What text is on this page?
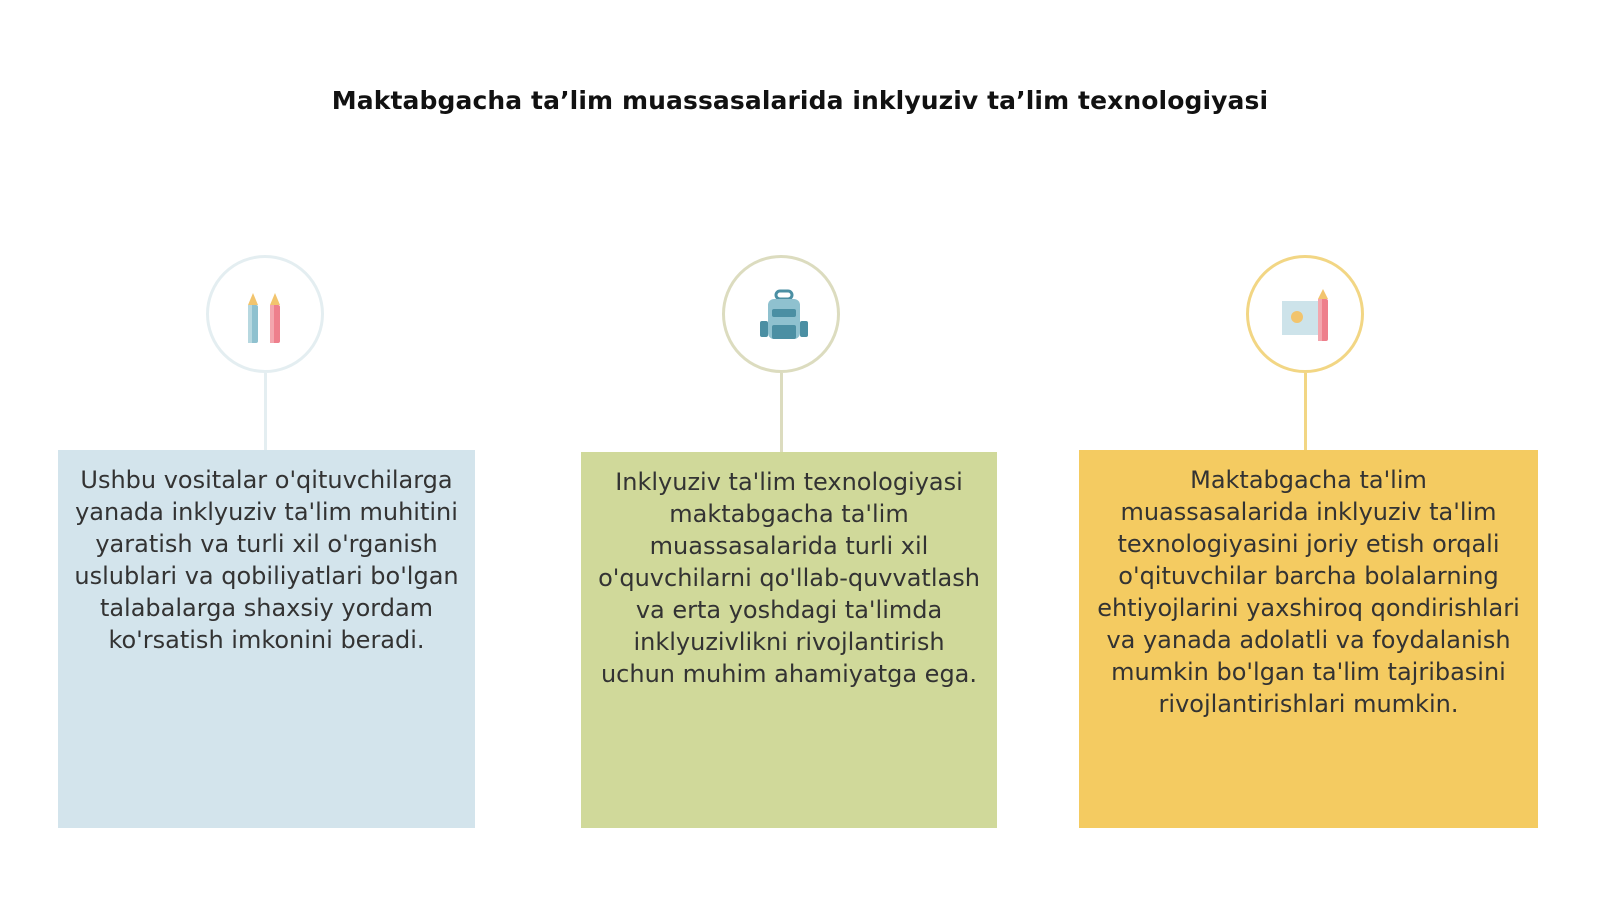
Maktabgacha ta’lim muassasalarida inklyuziv ta’lim texnologiyasi
Ushbu vositalar o'qituvchilarga yanada inklyuziv ta'lim muhitini yaratish va turli xil o'rganish uslublari va qobiliyatlari bo'lgan talabalarga shaxsiy yordam ko'rsatish imkonini beradi.
Inklyuziv ta'lim texnologiyasi maktabgacha ta'lim muassasalarida turli xil o'quvchilarni qo'llab-quvvatlash va erta yoshdagi ta'limda inklyuzivlikni rivojlantirish uchun muhim ahamiyatga ega.
Maktabgacha ta'lim muassasalarida inklyuziv ta'lim texnologiyasini joriy etish orqali o'qituvchilar barcha bolalarning ehtiyojlarini yaxshiroq qondirishlari va yanada adolatli va foydalanish mumkin bo'lgan ta'lim tajribasini rivojlantirishlari mumkin.
